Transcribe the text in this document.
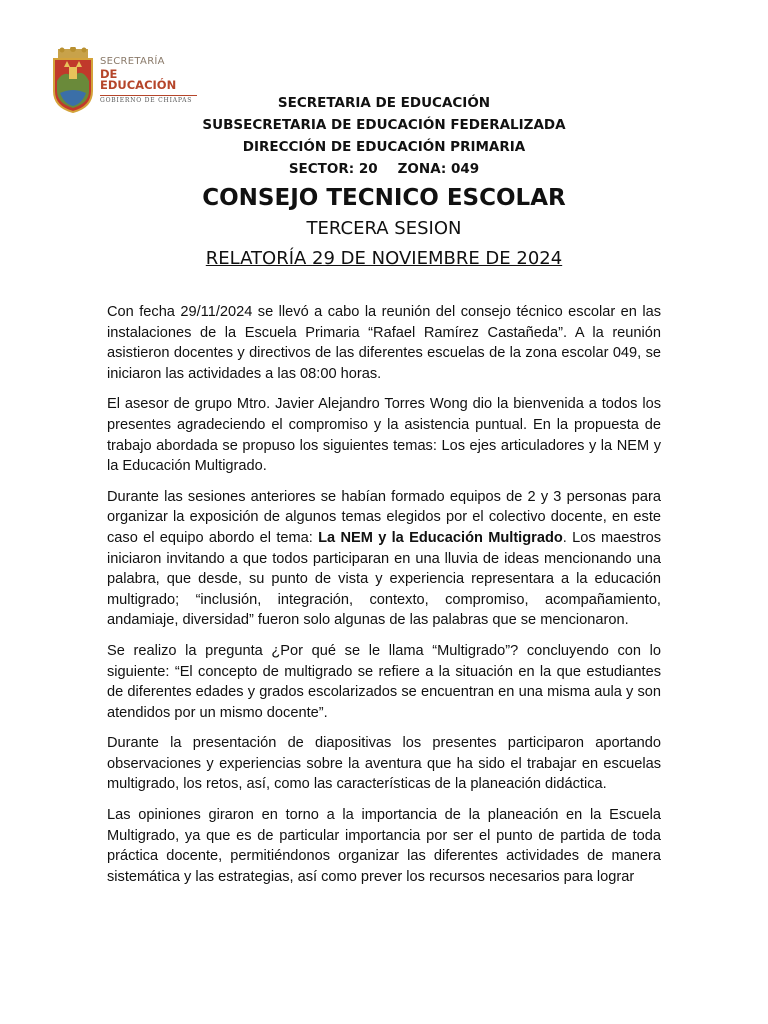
SECRETARÍA
DE EDUCACIÓN
GOBIERNO DE CHIAPAS	SECRETARIA DE EDUCACIÓN
SUBSECRETARIA DE EDUCACIÓN FEDERALIZADA
DIRECCIÓN DE EDUCACIÓN PRIMARIA
SECTOR: 20 ZONA: 049
CONSEJO TECNICO ESCOLAR
TERCERA SESION
RELATORÍA 29 DE NOVIEMBRE DE 2024

Con fecha 29/11/2024 se llevó a cabo la reunión del consejo técnico escolar en las instalaciones de la Escuela Primaria “Rafael Ramírez Castañeda”. A la reunión asistieron docentes y directivos de las diferentes escuelas de la zona escolar 049, se iniciaron las actividades a las 08:00 horas.

El asesor de grupo Mtro. Javier Alejandro Torres Wong dio la bienvenida a todos los presentes agradeciendo el compromiso y la asistencia puntual. En la propuesta de trabajo abordada se propuso los siguientes temas: Los ejes articuladores y la NEM y la Educación Multigrado.

Durante las sesiones anteriores se habían formado equipos de 2 y 3 personas para organizar la exposición de algunos temas elegidos por el colectivo docente, en este caso el equipo abordo el tema: La NEM y la Educación Multigrado. Los maestros iniciaron invitando a que todos participaran en una lluvia de ideas mencionando una palabra, que desde, su punto de vista y experiencia representara a la educación multigrado; “inclusión, integración, contexto, compromiso, acompañamiento, andamiaje, diversidad” fueron solo algunas de las palabras que se mencionaron.

Se realizo la pregunta ¿Por qué se le llama “Multigrado”? concluyendo con lo siguiente: “El concepto de multigrado se refiere a la situación en la que estudiantes de diferentes edades y grados escolarizados se encuentran en una misma aula y son atendidos por un mismo docente”.

Durante la presentación de diapositivas los presentes participaron aportando observaciones y experiencias sobre la aventura que ha sido el trabajar en escuelas multigrado, los retos, así, como las características de la planeación didáctica.

Las opiniones giraron en torno a la importancia de la planeación en la Escuela Multigrado, ya que es de particular importancia por ser el punto de partida de toda práctica docente, permitiéndonos organizar las diferentes actividades de manera sistemática y las estrategias, así como prever los recursos necesarios para lograr
